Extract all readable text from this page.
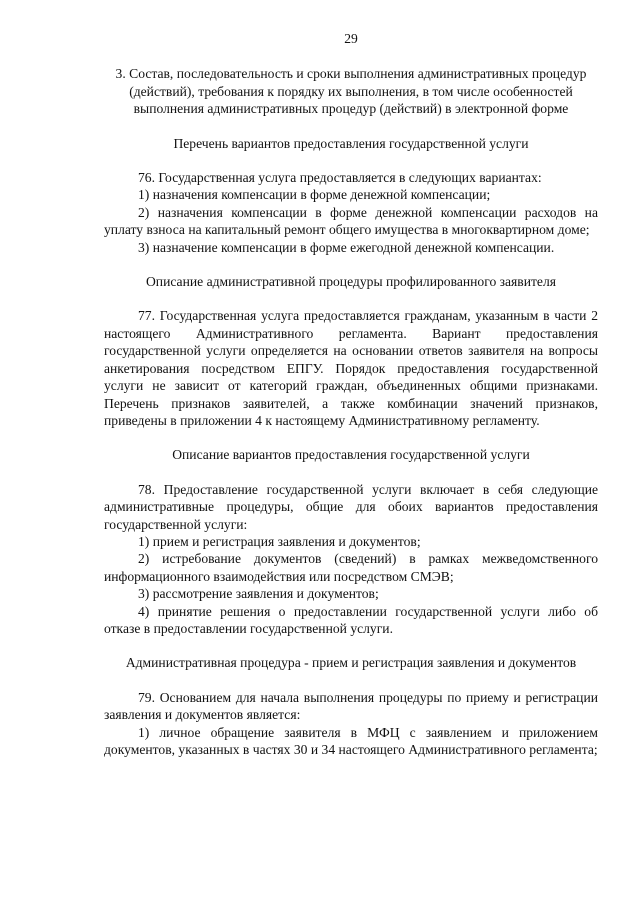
29

3. Состав, последовательность и сроки выполнения административных процедур (действий), требования к порядку их выполнения, в том числе особенностей выполнения административных процедур (действий) в электронной форме

Перечень вариантов предоставления государственной услуги

76. Государственная услуга предоставляется в следующих вариантах:

1) назначения компенсации в форме денежной компенсации;

2) назначения компенсации в форме денежной компенсации расходов на уплату взноса на капитальный ремонт общего имущества в многоквартирном доме;

3) назначение компенсации в форме ежегодной денежной компенсации.

Описание административной процедуры профилированного заявителя

77. Государственная услуга предоставляется гражданам, указанным в части 2 настоящего Административного регламента. Вариант предоставления государственной услуги определяется на основании ответов заявителя на вопросы анкетирования посредством ЕПГУ. Порядок предоставления государственной услуги не зависит от категорий граждан, объединенных общими признаками. Перечень признаков заявителей, а также комбинации значений признаков, приведены в приложении 4 к настоящему Административному регламенту.

Описание вариантов предоставления государственной услуги

78. Предоставление государственной услуги включает в себя следующие административные процедуры, общие для обоих вариантов предоставления государственной услуги:

1) прием и регистрация заявления и документов;

2) истребование документов (сведений) в рамках межведомственного информационного взаимодействия или посредством СМЭВ;

3) рассмотрение заявления и документов;

4) принятие решения о предоставлении государственной услуги либо об отказе в предоставлении государственной услуги.

Административная процедура - прием и регистрация заявления и документов

79. Основанием для начала выполнения процедуры по приему и регистрации заявления и документов является:

1) личное обращение заявителя в МФЦ с заявлением и приложением документов, указанных в частях 30 и 34 настоящего Административного регламента;
